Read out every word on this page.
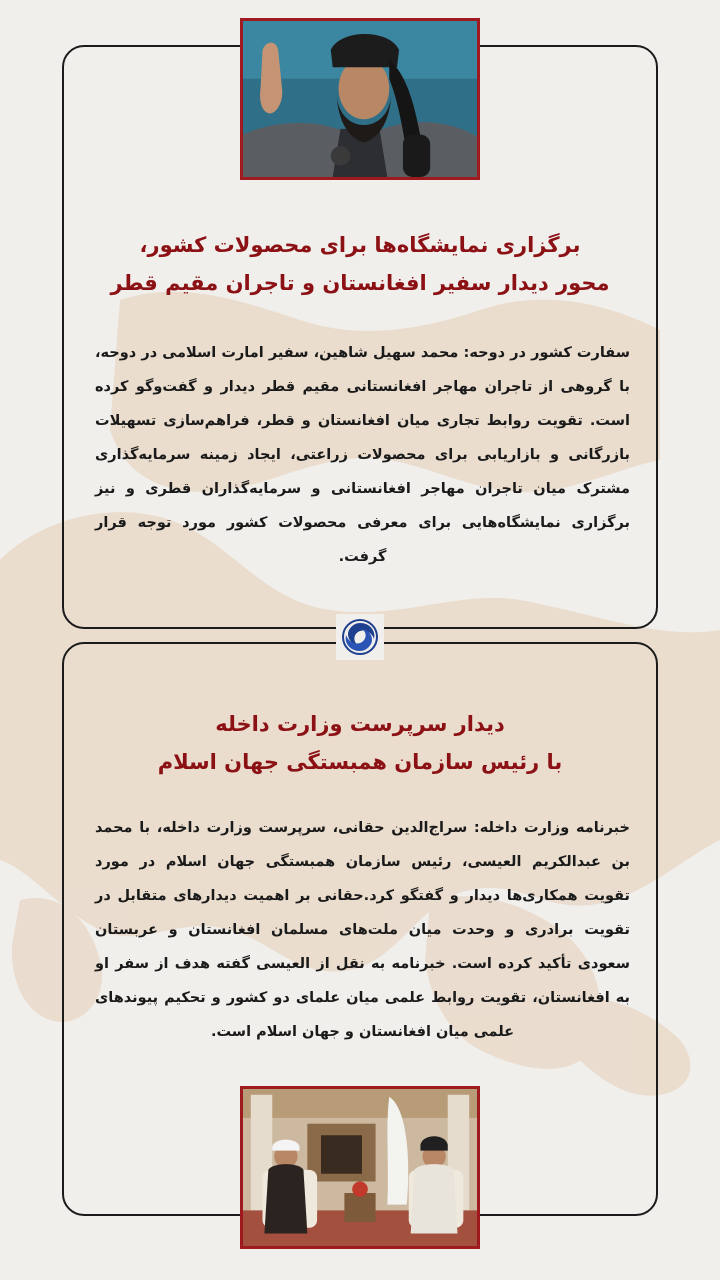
برگزاری نمایشگاه‌ها برای محصولات کشور،
محور دیدار سفیر افغانستان و تاجران مقیم قطر
سفارت کشور در دوحه: محمد سهیل شاهین، سفیر امارت اسلامی در دوحه، با گروهی از تاجران مهاجر افغانستانی مقیم قطر دیدار و گفت‌وگو کرده است. تقویت روابط تجاری میان افغانستان و قطر، فراهم‌سازی تسهیلات بازرگانی و بازاریابی برای محصولات زراعتی، ایجاد زمینه سرمایه‌گذاری مشترک میان تاجران مهاجر افغانستانی و سرمایه‌گذاران قطری و نیز برگزاری نمایشگاه‌هایی برای معرفی محصولات کشور مورد توجه قرار گرفت.
دیدار سرپرست وزارت داخله
با رئیس سازمان همبستگی جهان اسلام
خبرنامه وزارت داخله: سراج‌الدین حقانی، سرپرست وزارت داخله، با محمد بن عبدالکریم العیسی، رئیس سازمان همبستگی جهان اسلام در مورد تقویت همکاری‌ها دیدار و گفتگو کرد.حقانی بر اهمیت دیدارهای متقابل در تقویت برادری و وحدت میان ملت‌های مسلمان افغانستان و عربستان سعودی تأکید کرده است. خبرنامه به نقل از العیسی گفته هدف از سفر او به افغانستان، تقویت روابط علمی میان علمای دو کشور و تحکیم پیوندهای علمی میان افغانستان و جهان اسلام است.
